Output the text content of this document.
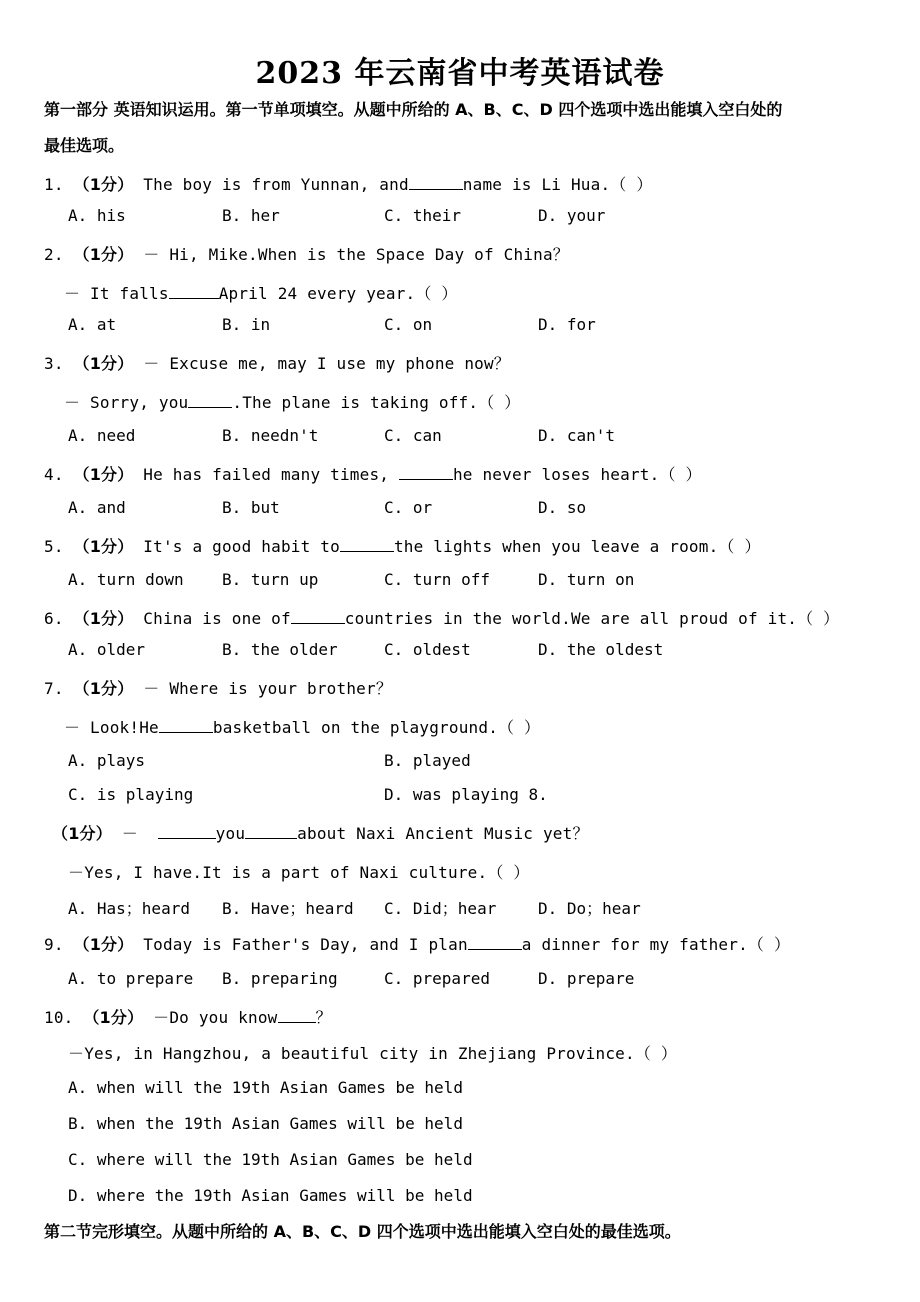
2023 年云南省中考英语试卷
第一部分 英语知识运用。第一节单项填空。从题中所给的 A、B、C、D 四个选项中选出能填入空白处的
最佳选项。
1. （1分） The boy is from Yunnan, and	name is Li Hua.（ ）
A. his	B. her	C. their	D. your
2. （1分） － Hi, Mike.When is the Space Day of China？
－ It falls	April 24 every year.（ ）
A. at	B. in	C. on	D. for
3. （1分） － Excuse me, may I use my phone now？
－ Sorry, you	.The plane is taking off.（ ）
A. need	B. needn't	C. can	D. can't
4. （1分） He has failed many times,	he never loses heart.（ ）
A. and	B. but	C. or	D. so
5. （1分） It's a good habit to	the lights when you leave a room.（ ）
A. turn down B. turn up	C. turn off	D. turn on
6. （1分） China is one of	countries in the world.We are all proud of it.（ ）
A. older	B. the older	C. oldest	D. the oldest
7. （1分） － Where is your brother？
－ Look!He	basketball on the playground.（ ）
A. plays	B. played
C. is playing	D. was playing 8.
（1分） －	you	about Naxi Ancient Music yet？
－Yes, I have.It is a part of Naxi culture.（ ）
A. Has；heard B. Have；heard C. Did；hear	D. Do；hear
9. （1分） Today is Father's Day, and I plan	a dinner for my father.（ ）
A. to prepare B. preparing	C. prepared	D. prepare
10. （1分） －Do you know ？
－Yes, in Hangzhou, a beautiful city in Zhejiang Province.（ ）
A. when will the 19th Asian Games be held
B. when the 19th Asian Games will be held
C. where will the 19th Asian Games be held
D. where the 19th Asian Games will be held
第二节完形填空。从题中所给的 A、B、C、D 四个选项中选出能填入空白处的最佳选项。
